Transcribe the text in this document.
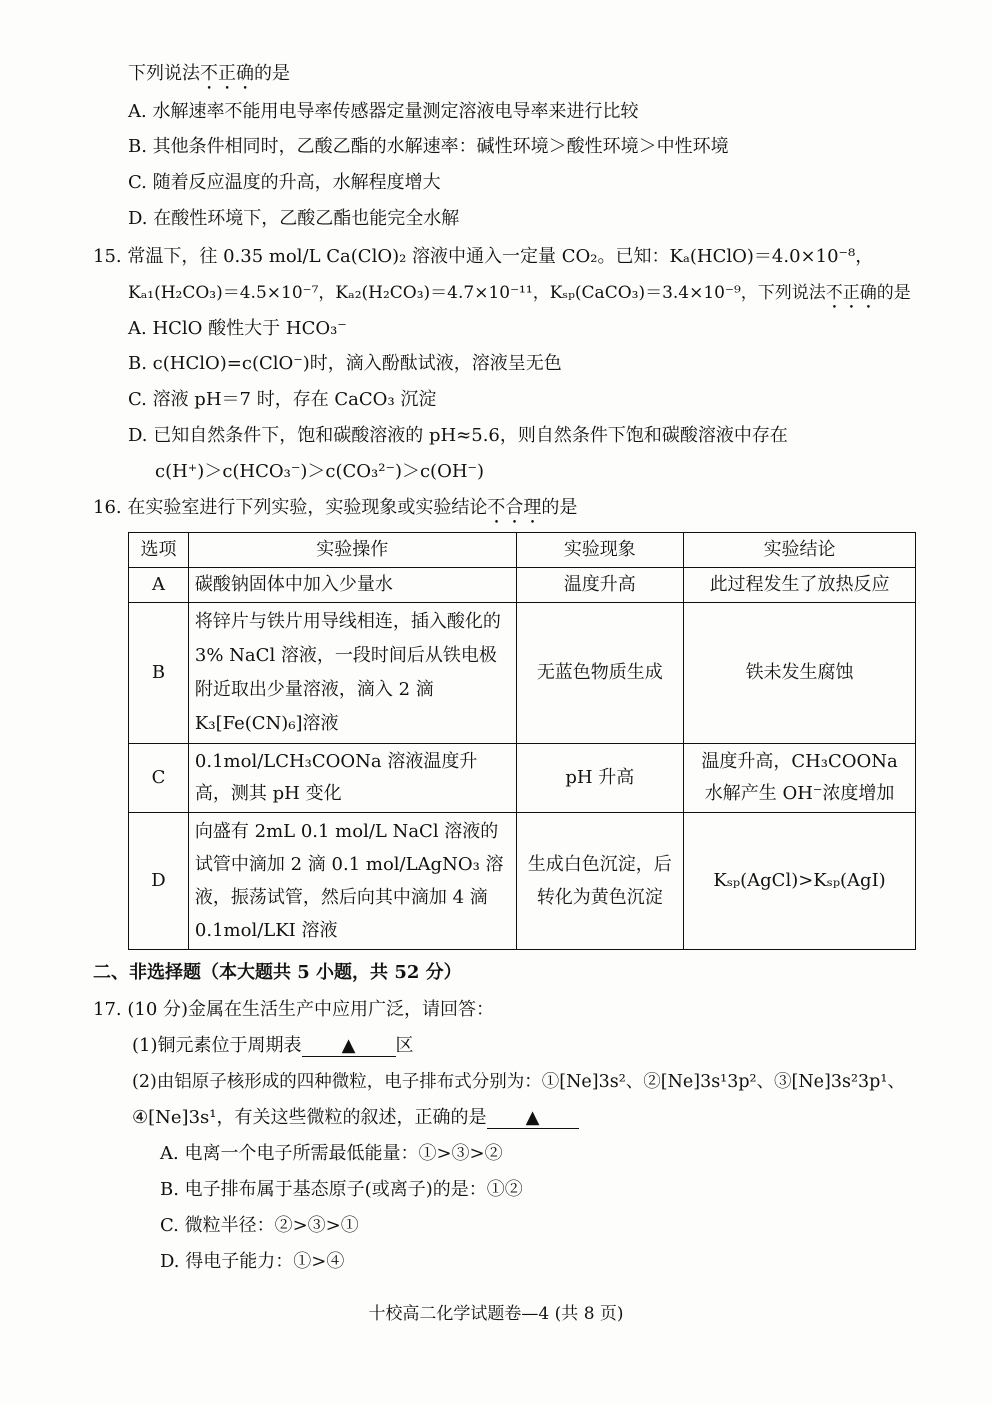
下列说法不正确的是
A. 水解速率不能用电导率传感器定量测定溶液电导率来进行比较
B. 其他条件相同时，乙酸乙酯的水解速率：碱性环境＞酸性环境＞中性环境
C. 随着反应温度的升高，水解程度增大
D. 在酸性环境下，乙酸乙酯也能完全水解
15. 常温下，往 0.35 mol/L Ca(ClO)₂ 溶液中通入一定量 CO₂。已知：Kₐ(HClO)＝4.0×10⁻⁸，
Kₐ₁(H₂CO₃)＝4.5×10⁻⁷，Kₐ₂(H₂CO₃)＝4.7×10⁻¹¹，Kₛₚ(CaCO₃)＝3.4×10⁻⁹，下列说法不正确的是
A. HClO 酸性大于 HCO₃⁻
B. c(HClO)=c(ClO⁻)时，滴入酚酞试液，溶液呈无色
C. 溶液 pH＝7 时，存在 CaCO₃ 沉淀
D. 已知自然条件下，饱和碳酸溶液的 pH≈5.6，则自然条件下饱和碳酸溶液中存在
c(H⁺)＞c(HCO₃⁻)＞c(CO₃²⁻)＞c(OH⁻)
16. 在实验室进行下列实验，实验现象或实验结论不合理的是
选项	实验操作	实验现象	实验结论
A	碳酸钠固体中加入少量水	温度升高	此过程发生了放热反应
B	将锌片与铁片用导线相连，插入酸化的 3% NaCl 溶液，一段时间后从铁电极附近取出少量溶液，滴入 2 滴 K₃[Fe(CN)₆]溶液	无蓝色物质生成	铁未发生腐蚀
C	0.1mol/LCH₃COONa 溶液温度升高，测其 pH 变化	pH 升高	温度升高，CH₃COONa 水解产生 OH⁻浓度增加
D	向盛有 2mL 0.1 mol/L NaCl 溶液的试管中滴加 2 滴 0.1 mol/LAgNO₃ 溶液，振荡试管，然后向其中滴加 4 滴 0.1mol/LKI 溶液	生成白色沉淀，后转化为黄色沉淀	Kₛₚ(AgCl)>Kₛₚ(AgI)
二、非选择题（本大题共 5 小题，共 52 分）
17. (10 分)金属在生活生产中应用广泛，请回答：
(1)铜元素位于周期表 ▲ 区
(2)由铝原子核形成的四种微粒，电子排布式分别为：①[Ne]3s²、②[Ne]3s¹3p²、③[Ne]3s²3p¹、
④[Ne]3s¹，有关这些微粒的叙述，正确的是 ▲
A. 电离一个电子所需最低能量：①>③>②
B. 电子排布属于基态原子(或离子)的是：①②
C. 微粒半径：②>③>①
D. 得电子能力：①>④
十校高二化学试题卷—4 (共 8 页)
